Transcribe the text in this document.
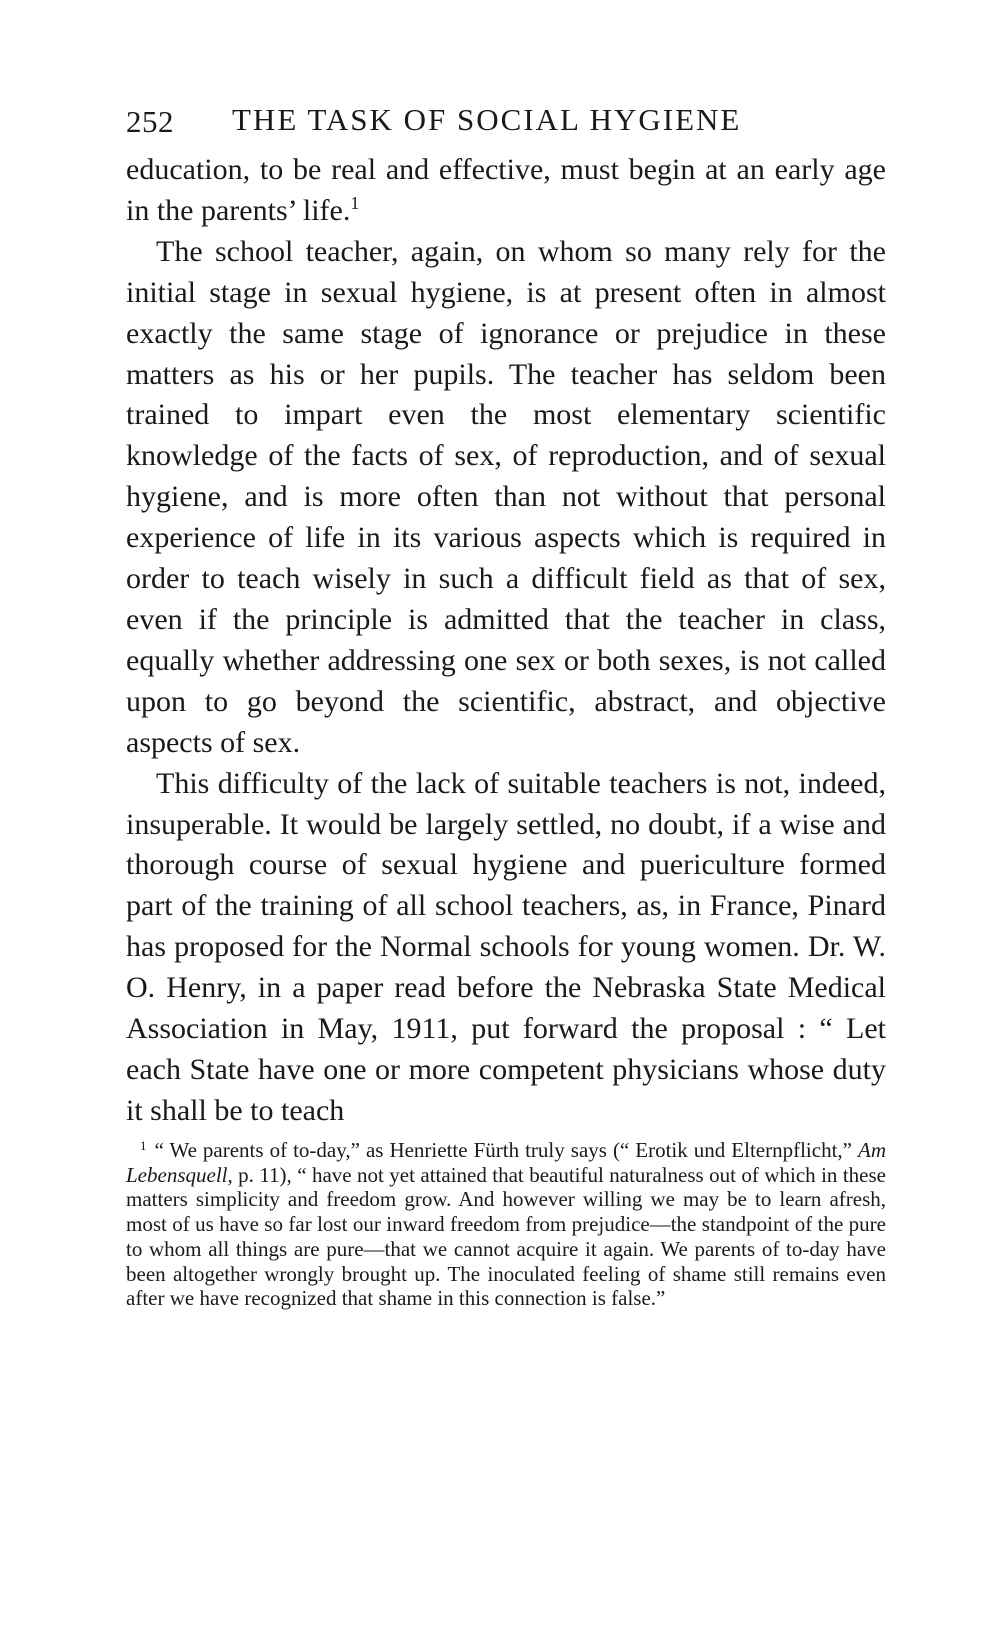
252 THE TASK OF SOCIAL HYGIENE

education, to be real and effective, must begin at an early age in the parents’ life.$^1$

The school teacher, again, on whom so many rely for the initial stage in sexual hygiene, is at present often in almost exactly the same stage of ignorance or prejudice in these matters as his or her pupils. The teacher has seldom been trained to impart even the most elementary scientific knowledge of the facts of sex, of reproduction, and of sexual hygiene, and is more often than not without that personal experience of life in its various aspects which is required in order to teach wisely in such a difficult field as that of sex, even if the principle is admitted that the teacher in class, equally whether addressing one sex or both sexes, is not called upon to go beyond the scientific, abstract, and objective aspects of sex.

This difficulty of the lack of suitable teachers is not, indeed, insuperable. It would be largely settled, no doubt, if a wise and thorough course of sexual hygiene and puericulture formed part of the training of all school teachers, as, in France, Pinard has proposed for the Normal schools for young women. Dr. W. O. Henry, in a paper read before the Nebraska State Medical Association in May, 1911, put forward the proposal : “ Let each State have one or more competent physicians whose duty it shall be to teach

$^1$ “ We parents of to-day,” as Henriette Fürth truly says (“ Erotik und Elternpflicht,” Am Lebensquell, p. 11), “ have not yet attained that beautiful naturalness out of which in these matters simplicity and freedom grow. And however willing we may be to learn afresh, most of us have so far lost our inward freedom from prejudice—the standpoint of the pure to whom all things are pure—that we cannot acquire it again. We parents of to-day have been altogether wrongly brought up. The inoculated feeling of shame still remains even after we have recognized that shame in this connection is false.”
